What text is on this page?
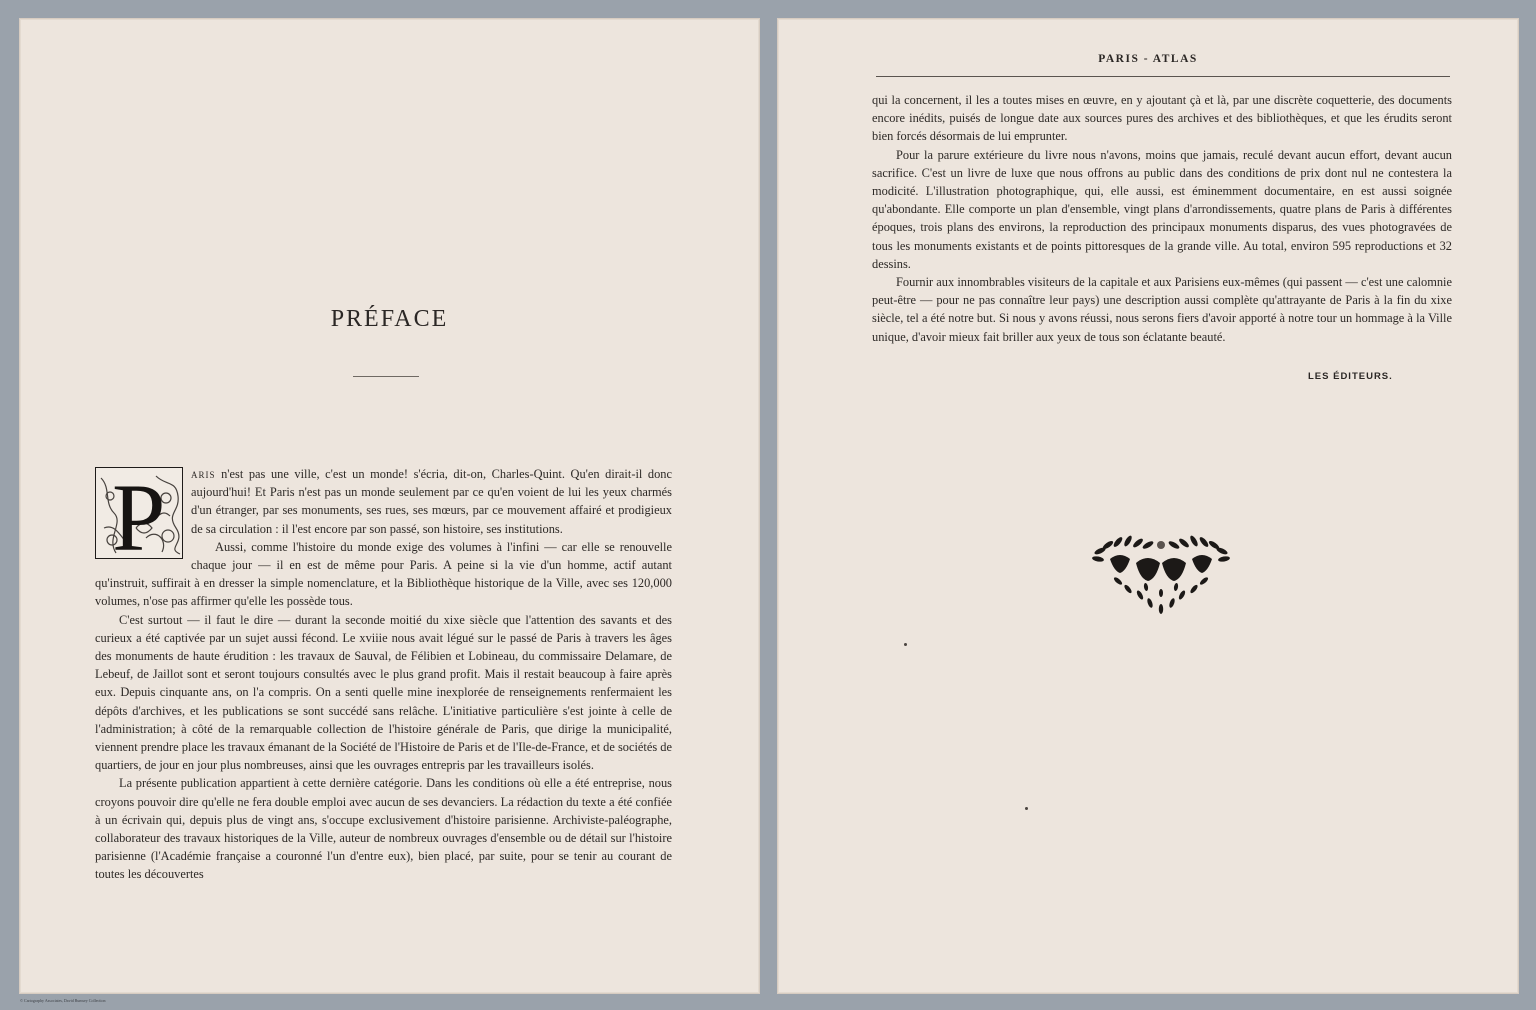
PRÉFACE

P aris n'est pas une ville, c'est un monde! s'écria, dit-on, Charles-Quint. Qu'en dirait-il donc aujourd'hui! Et Paris n'est pas un monde seulement par ce qu'en voient de lui les yeux charmés d'un étranger, par ses monuments, ses rues, ses mœurs, par ce mouvement affairé et prodigieux de sa circulation : il l'est encore par son passé, son histoire, ses institutions.

Aussi, comme l'histoire du monde exige des volumes à l'infini — car elle se renouvelle chaque jour — il en est de même pour Paris. A peine si la vie d'un homme, actif autant qu'instruit, suffirait à en dresser la simple nomenclature, et la Bibliothèque historique de la Ville, avec ses 120,000 volumes, n'ose pas affirmer qu'elle les possède tous.

C'est surtout — il faut le dire — durant la seconde moitié du xixe siècle que l'attention des savants et des curieux a été captivée par un sujet aussi fécond. Le xviiie nous avait légué sur le passé de Paris à travers les âges des monuments de haute érudition : les travaux de Sauval, de Félibien et Lobineau, du commissaire Delamare, de Lebeuf, de Jaillot sont et seront toujours consultés avec le plus grand profit. Mais il restait beaucoup à faire après eux. Depuis cinquante ans, on l'a compris. On a senti quelle mine inexplorée de renseignements renfermaient les dépôts d'archives, et les publications se sont succédé sans relâche. L'initiative particulière s'est jointe à celle de l'administration; à côté de la remarquable collection de l'histoire générale de Paris, que dirige la municipalité, viennent prendre place les travaux émanant de la Société de l'Histoire de Paris et de l'Ile-de-France, et de sociétés de quartiers, de jour en jour plus nombreuses, ainsi que les ouvrages entrepris par les travailleurs isolés.

La présente publication appartient à cette dernière catégorie. Dans les conditions où elle a été entreprise, nous croyons pouvoir dire qu'elle ne fera double emploi avec aucun de ses devanciers. La rédaction du texte a été confiée à un écrivain qui, depuis plus de vingt ans, s'occupe exclusivement d'histoire parisienne. Archiviste-paléographe, collaborateur des travaux historiques de la Ville, auteur de nombreux ouvrages d'ensemble ou de détail sur l'histoire parisienne (l'Académie française a couronné l'un d'entre eux), bien placé, par suite, pour se tenir au courant de toutes les découvertes

PARIS - ATLAS

qui la concernent, il les a toutes mises en œuvre, en y ajoutant çà et là, par une discrète coquetterie, des documents encore inédits, puisés de longue date aux sources pures des archives et des bibliothèques, et que les érudits seront bien forcés désormais de lui emprunter.

Pour la parure extérieure du livre nous n'avons, moins que jamais, reculé devant aucun effort, devant aucun sacrifice. C'est un livre de luxe que nous offrons au public dans des conditions de prix dont nul ne contestera la modicité. L'illustration photographique, qui, elle aussi, est éminemment documentaire, en est aussi soignée qu'abondante. Elle comporte un plan d'ensemble, vingt plans d'arrondissements, quatre plans de Paris à différentes époques, trois plans des environs, la reproduction des principaux monuments disparus, des vues photogravées de tous les monuments existants et de points pittoresques de la grande ville. Au total, environ 595 reproductions et 32 dessins.

Fournir aux innombrables visiteurs de la capitale et aux Parisiens eux-mêmes (qui passent — c'est une calomnie peut-être — pour ne pas connaître leur pays) une description aussi complète qu'attrayante de Paris à la fin du xixe siècle, tel a été notre but. Si nous y avons réussi, nous serons fiers d'avoir apporté à notre tour un hommage à la Ville unique, d'avoir mieux fait briller aux yeux de tous son éclatante beauté.

LES ÉDITEURS.
© Cartography Associates, David Rumsey Collection
